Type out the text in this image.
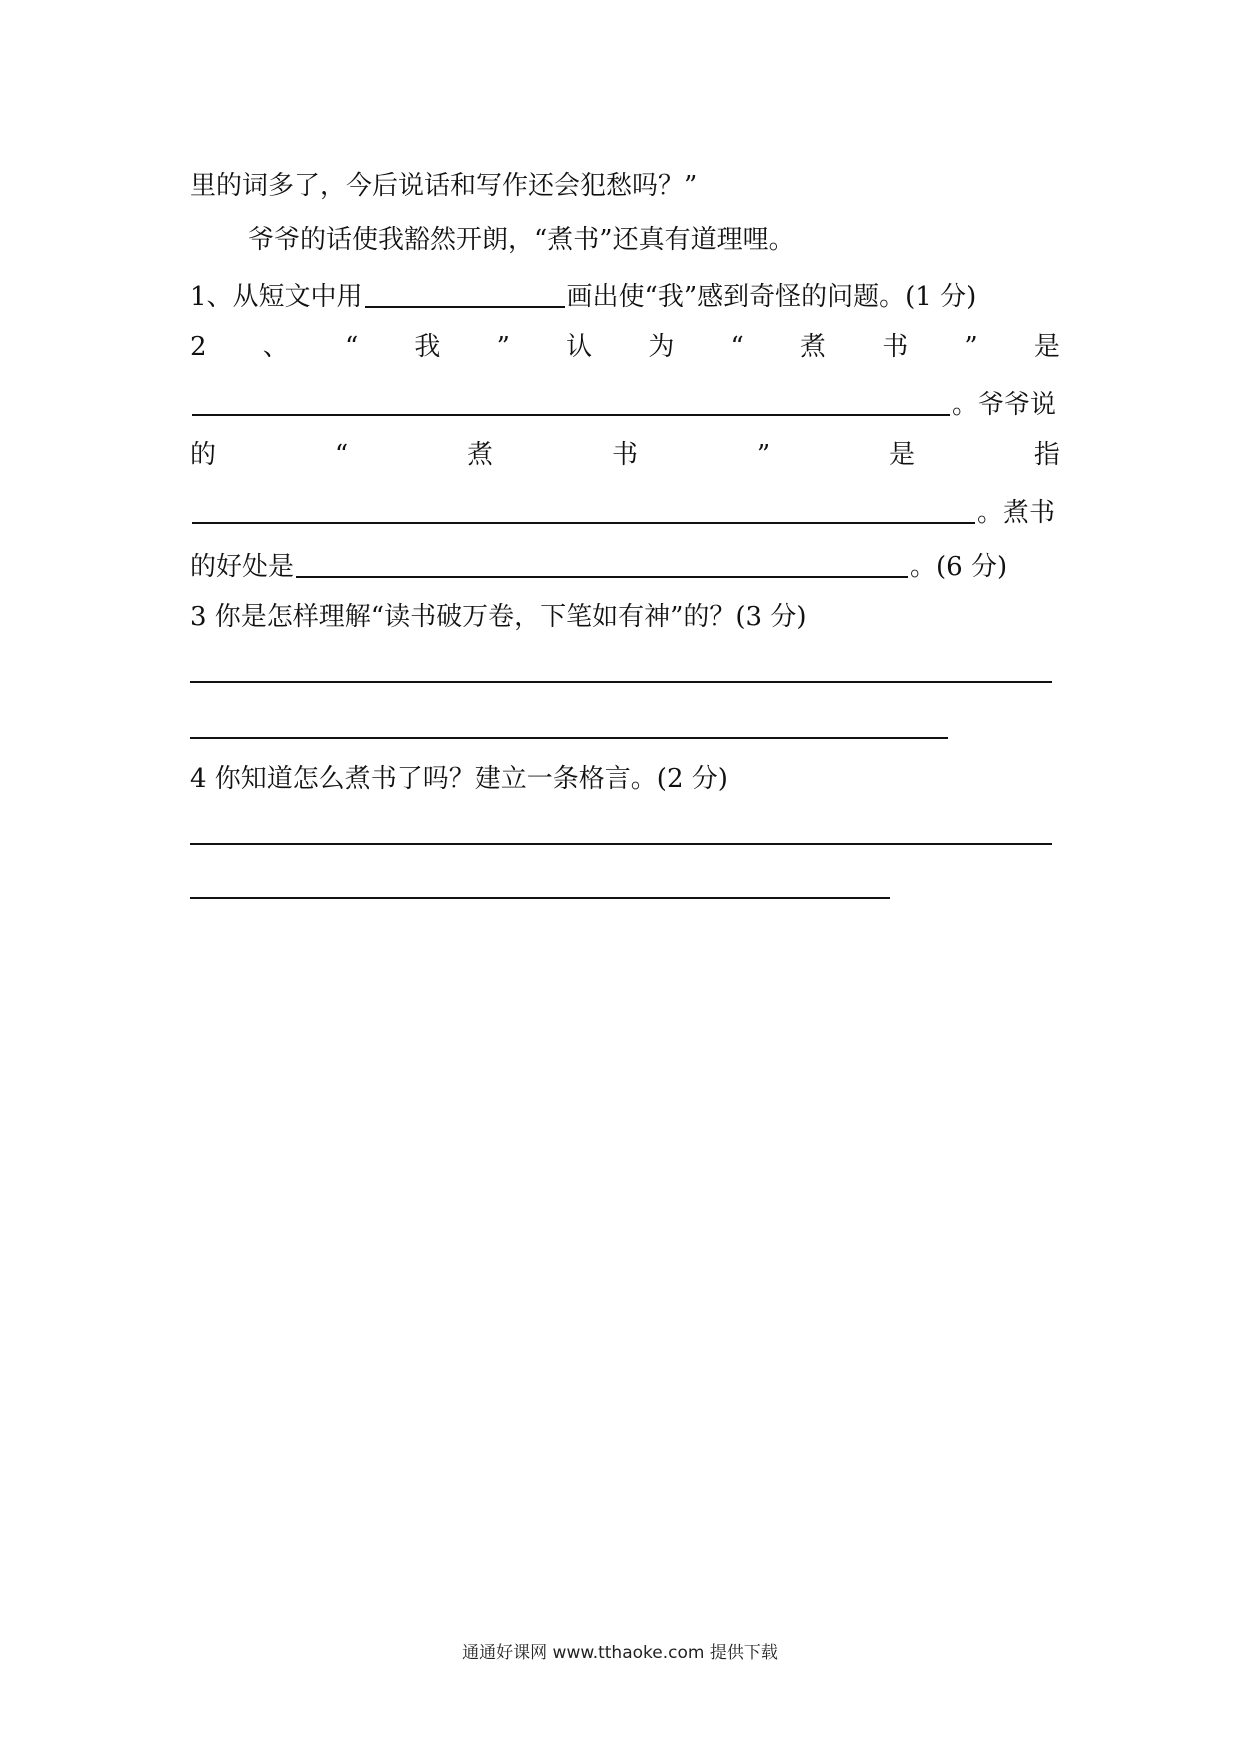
里的词多了，今后说话和写作还会犯愁吗？”
爷爷的话使我豁然开朗，“煮书”还真有道理哩。
1、从短文中用	画出使“我”感到奇怪的问题。(1 分)
2 、 “ 我 ” 认 为 “ 煮 书 ” 是
。爷爷说
的	“	煮	书	”	是	指
。煮书
的好处是	。(6 分)
3 你是怎样理解“读书破万卷，下笔如有神”的？(3 分)
4 你知道怎么煮书了吗？建立一条格言。(2 分)
通通好课网 www.tthaoke.com 提供下载
